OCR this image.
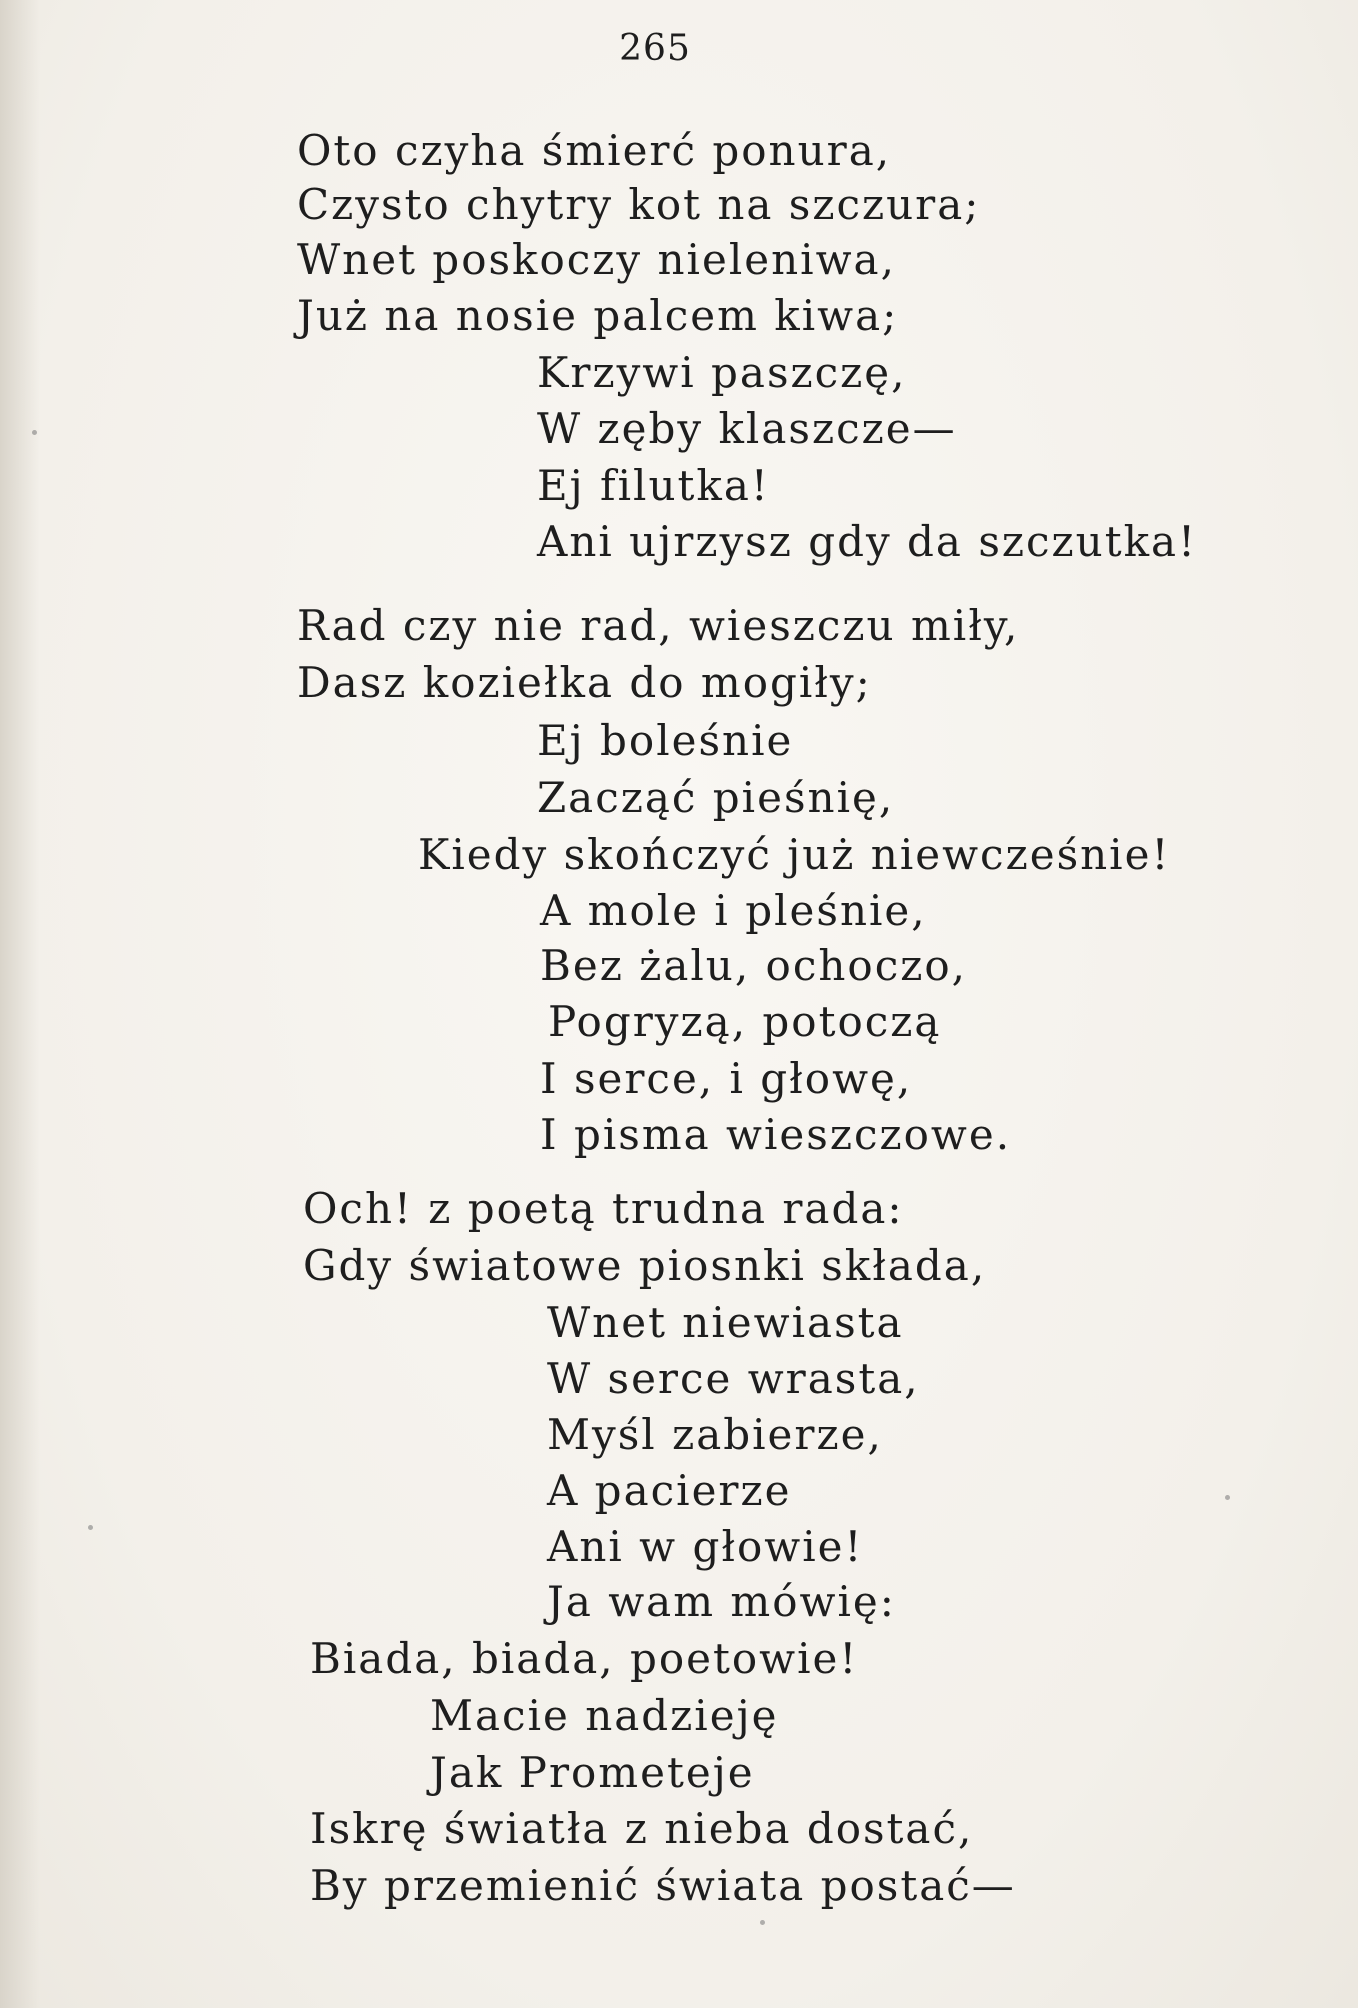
265
Oto czyha śmierć ponura,
Czysto chytry kot na szczura;
Wnet poskoczy nieleniwa,
Już na nosie palcem kiwa;
Krzywi paszczę,
W zęby klaszcze—
Ej filutka!
Ani ujrzysz gdy da szczutka!
Rad czy nie rad, wieszczu miły,
Dasz koziełka do mogiły;
Ej boleśnie
Zacząć pieśnię,
Kiedy skończyć już niewcześnie!
A mole i pleśnie,
Bez żalu, ochoczo,
Pogryzą, potoczą
I serce, i głowę,
I pisma wieszczowe.
Och! z poetą trudna rada:
Gdy światowe piosnki składa,
Wnet niewiasta
W serce wrasta,
Myśl zabierze,
A pacierze
Ani w głowie!
Ja wam mówię:
Biada, biada, poetowie!
Macie nadzieję
Jak Prometeje
Iskrę światła z nieba dostać,
By przemienić świata postać—
